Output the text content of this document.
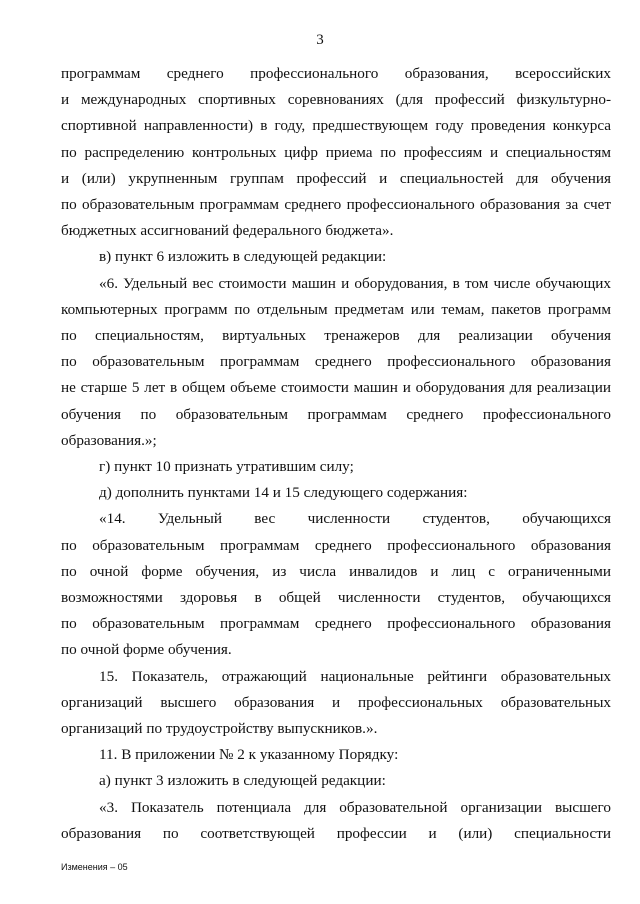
3
программам среднего профессионального образования, всероссийских
и международных спортивных соревнованиях (для профессий физкультурно-
спортивной направленности) в году, предшествующем году проведения конкурса
по распределению контрольных цифр приема по профессиям и специальностям
и (или) укрупненным группам профессий и специальностей для обучения
по образовательным программам среднего профессионального образования за счет
бюджетных ассигнований федерального бюджета».
в) пункт 6 изложить в следующей редакции:
«6. Удельный вес стоимости машин и оборудования, в том числе обучающих
компьютерных программ по отдельным предметам или темам, пакетов программ
по специальностям, виртуальных тренажеров для реализации обучения
по образовательным программам среднего профессионального образования
не старше 5 лет в общем объеме стоимости машин и оборудования для реализации
обучения по образовательным программам среднего профессионального
образования.»;
г) пункт 10 признать утратившим силу;
д) дополнить пунктами 14 и 15 следующего содержания:
«14. Удельный вес численности студентов, обучающихся
по образовательным программам среднего профессионального образования
по очной форме обучения, из числа инвалидов и лиц с ограниченными
возможностями здоровья в общей численности студентов, обучающихся
по образовательным программам среднего профессионального образования
по очной форме обучения.
15. Показатель, отражающий национальные рейтинги образовательных
организаций высшего образования и профессиональных образовательных
организаций по трудоустройству выпускников.».
11. В приложении № 2 к указанному Порядку:
а) пункт 3 изложить в следующей редакции:
«3. Показатель потенциала для образовательной организации высшего
образования по соответствующей профессии и (или) специальности
Изменения – 05
